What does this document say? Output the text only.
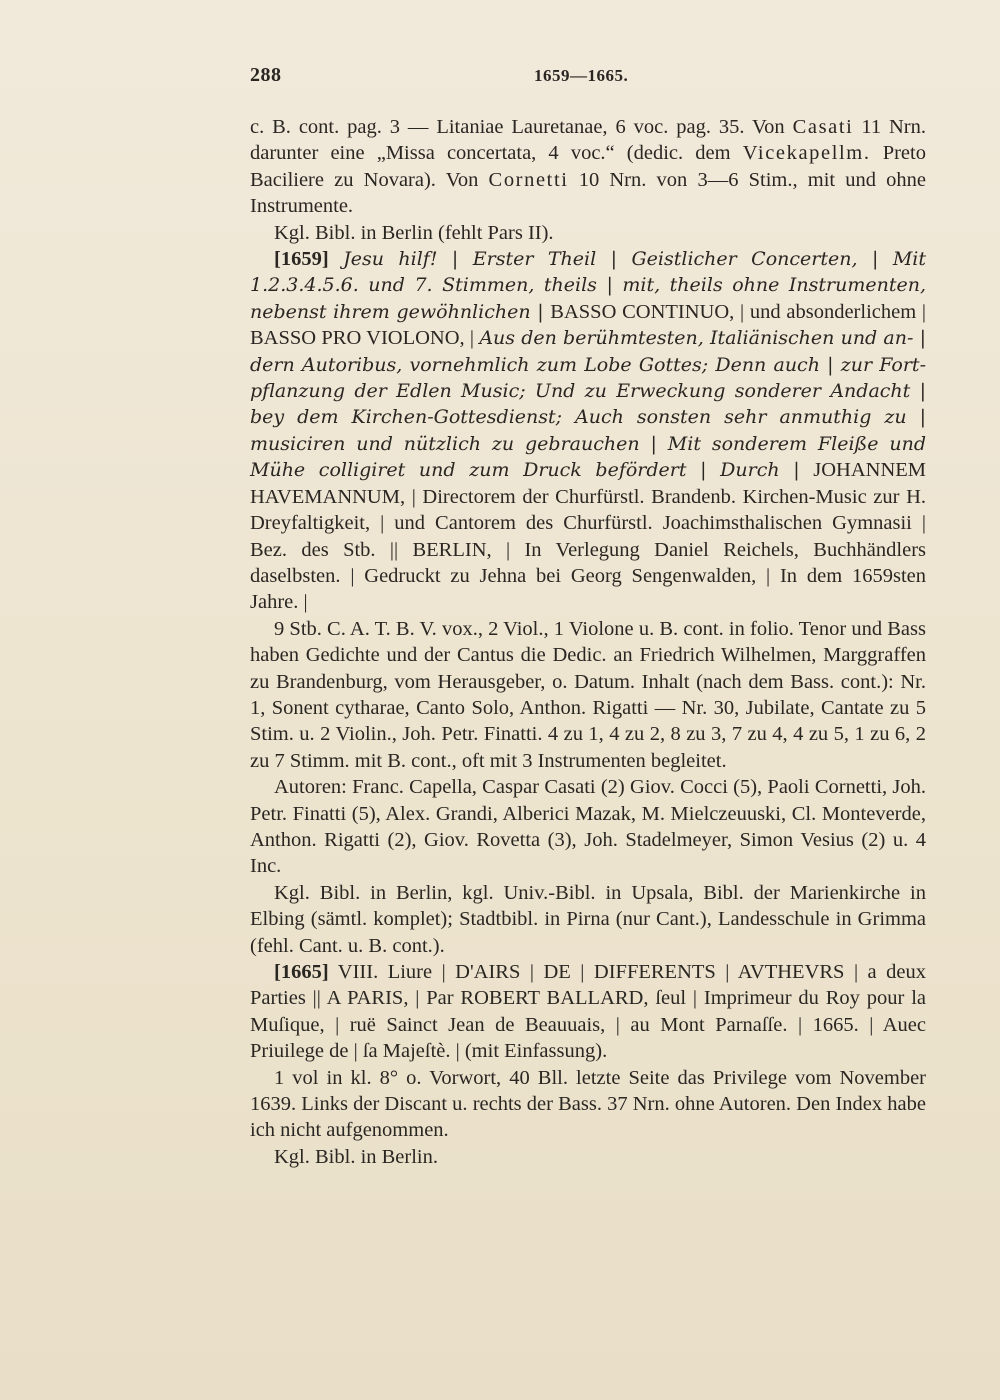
288	1659—1665.

c. B. cont. pag. 3 — Litaniae Lauretanae, 6 voc. pag. 35. Von Casati 11 Nrn. darunter eine „Missa concertata, 4 voc.“ (dedic. dem Vicekapellm. Preto Baciliere zu Novara). Von Cornetti 10 Nrn. von 3—6 Stim., mit und ohne Instrumente.

Kgl. Bibl. in Berlin (fehlt Pars II).

[1659] Jesu hilf! | Erster Theil | Geistlicher Concerten, | Mit 1.2.3.4.5.6. und 7. Stimmen, theils | mit, theils ohne Instrumenten, nebenst ihrem gewöhnlichen | BASSO CONTINUO, | und absonderlichem | BASSO PRO VIOLONO, | Aus den berühmtesten, Italiänischen und an- | dern Autoribus, vornehmlich zum Lobe Gottes; Denn auch | zur Fort- pflanzung der Edlen Music; Und zu Erweckung sonderer Andacht | bey dem Kirchen-Gottesdienst; Auch sonsten sehr anmuthig zu | musiciren und nützlich zu gebrauchen | Mit sonderem Fleiße und Mühe colligiret und zum Druck befördert | Durch | JOHANNEM HAVEMANNUM, | Directorem der Churfürstl. Brandenb. Kirchen-Music zur H. Dreyfaltigkeit, | und Cantorem des Churfürstl. Joachimsthalischen Gymnasii | Bez. des Stb. || BERLIN, | In Verlegung Daniel Reichels, Buchhändlers daselbsten. | Gedruckt zu Jehna bei Georg Sengenwalden, | In dem 1659sten Jahre. |

9 Stb. C. A. T. B. V. vox., 2 Viol., 1 Violone u. B. cont. in folio. Tenor und Bass haben Gedichte und der Cantus die Dedic. an Friedrich Wilhelmen, Marggraffen zu Brandenburg, vom Herausgeber, o. Datum. Inhalt (nach dem Bass. cont.): Nr. 1, Sonent cytharae, Canto Solo, Anthon. Rigatti — Nr. 30, Jubilate, Cantate zu 5 Stim. u. 2 Violin., Joh. Petr. Finatti. 4 zu 1, 4 zu 2, 8 zu 3, 7 zu 4, 4 zu 5, 1 zu 6, 2 zu 7 Stimm. mit B. cont., oft mit 3 Instrumenten begleitet.

Autoren: Franc. Capella, Caspar Casati (2) Giov. Cocci (5), Paoli Cornetti, Joh. Petr. Finatti (5), Alex. Grandi, Alberici Mazak, M. Mielczeuuski, Cl. Monteverde, Anthon. Rigatti (2), Giov. Rovetta (3), Joh. Stadelmeyer, Simon Vesius (2) u. 4 Inc.

Kgl. Bibl. in Berlin, kgl. Univ.-Bibl. in Upsala, Bibl. der Marienkirche in Elbing (sämtl. komplet); Stadtbibl. in Pirna (nur Cant.), Landesschule in Grimma (fehl. Cant. u. B. cont.).

[1665] VIII. Liure | D'AIRS | DE | DIFFERENTS | AVTHEVRS | a deux Parties || A PARIS, | Par ROBERT BALLARD, ſeul | Imprimeur du Roy pour la Muſique, | ruë Sainct Jean de Beauuais, | au Mont Parnaſſe. | 1665. | Auec Priuilege de | ſa Majeſtè. | (mit Einfassung).

1 vol in kl. 8° o. Vorwort, 40 Bll. letzte Seite das Privilege vom November 1639. Links der Discant u. rechts der Bass. 37 Nrn. ohne Autoren. Den Index habe ich nicht aufgenommen.

Kgl. Bibl. in Berlin.
